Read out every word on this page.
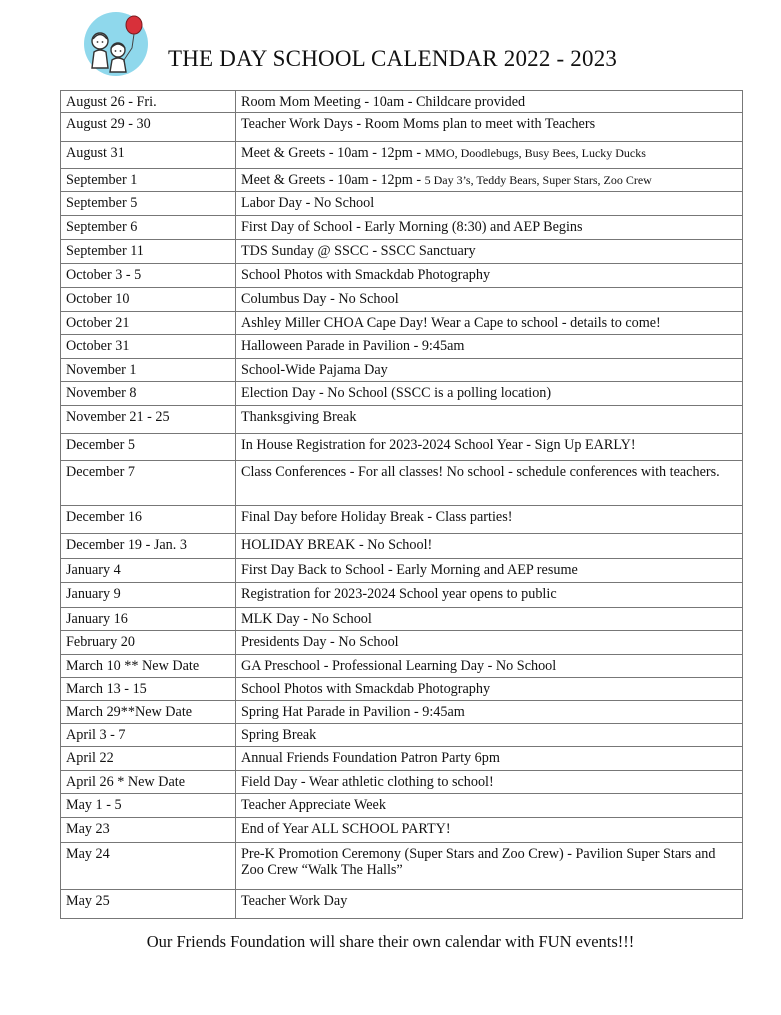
THE DAY SCHOOL CALENDAR 2022 - 2023
August 26 - Fri.	Room Mom Meeting - 10am - Childcare provided
August 29 - 30	Teacher Work Days - Room Moms plan to meet with Teachers
August 31	Meet & Greets - 10am - 12pm - MMO, Doodlebugs, Busy Bees, Lucky Ducks
September 1	Meet & Greets - 10am - 12pm - 5 Day 3’s, Teddy Bears, Super Stars, Zoo Crew
September 5	Labor Day - No School
September 6	First Day of School - Early Morning (8:30) and AEP Begins
September 11	TDS Sunday @ SSCC - SSCC Sanctuary
October 3 - 5	School Photos with Smackdab Photography
October 10	Columbus Day - No School
October 21	Ashley Miller CHOA Cape Day! Wear a Cape to school - details to come!
October 31	Halloween Parade in Pavilion - 9:45am
November 1	School-Wide Pajama Day
November 8	Election Day - No School (SSCC is a polling location)
November 21 - 25	Thanksgiving Break
December 5	In House Registration for 2023-2024 School Year - Sign Up EARLY!
December 7	Class Conferences - For all classes! No school - schedule conferences with teachers.
December 16	Final Day before Holiday Break - Class parties!
December 19 - Jan. 3	HOLIDAY BREAK - No School!
January 4	First Day Back to School - Early Morning and AEP resume
January 9	Registration for 2023-2024 School year opens to public
January 16	MLK Day - No School
February 20	Presidents Day - No School
March 10 ** New Date	GA Preschool - Professional Learning Day - No School
March 13 - 15	School Photos with Smackdab Photography
March 29**New Date	Spring Hat Parade in Pavilion - 9:45am
April 3 - 7	Spring Break
April 22	Annual Friends Foundation Patron Party 6pm
April 26 * New Date	Field Day - Wear athletic clothing to school!
May 1 - 5	Teacher Appreciate Week
May 23	End of Year ALL SCHOOL PARTY!
May 24	Pre-K Promotion Ceremony (Super Stars and Zoo Crew) - Pavilion Super Stars and Zoo Crew “Walk The Halls”
May 25	Teacher Work Day
Our Friends Foundation will share their own calendar with FUN events!!!
